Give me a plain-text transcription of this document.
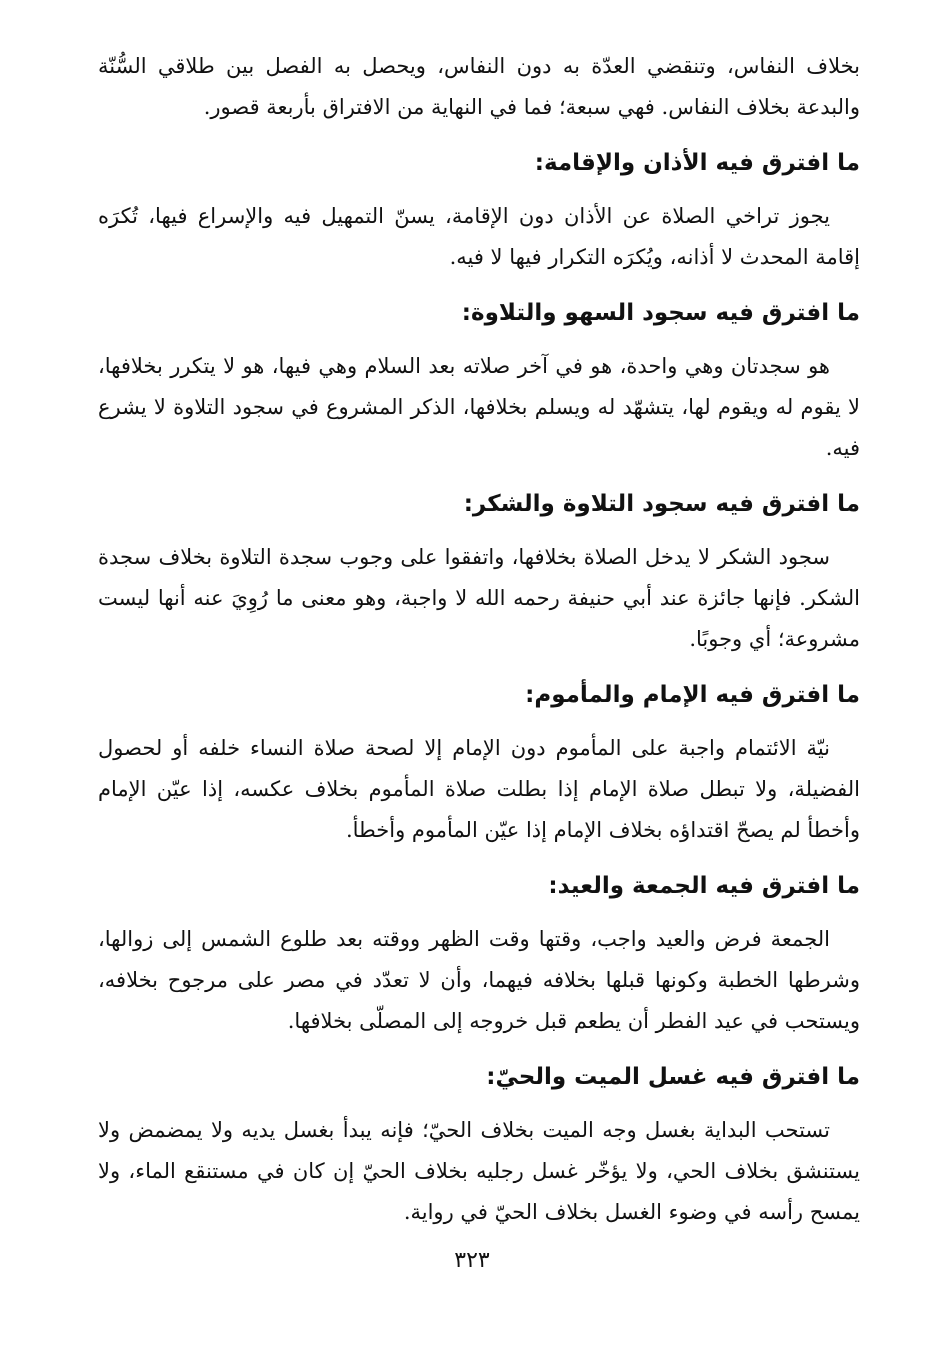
بخلاف النفاس، وتنقضي العدّة به دون النفاس، ويحصل به الفصل بين طلاقي السُّنّة والبدعة بخلاف النفاس. فهي سبعة؛ فما في النهاية من الافتراق بأربعة قصور.

ما افترق فيه الأذان والإقامة:

يجوز تراخي الصلاة عن الأذان دون الإقامة، يسنّ التمهيل فيه والإسراع فيها، تُكرَه إقامة المحدث لا أذانه، ويُكرَه التكرار فيها لا فيه.

ما افترق فيه سجود السهو والتلاوة:

هو سجدتان وهي واحدة، هو في آخر صلاته بعد السلام وهي فيها، هو لا يتكرر بخلافها، لا يقوم له ويقوم لها، يتشهّد له ويسلم بخلافها، الذكر المشروع في سجود التلاوة لا يشرع فيه.

ما افترق فيه سجود التلاوة والشكر:

سجود الشكر لا يدخل الصلاة بخلافها، واتفقوا على وجوب سجدة التلاوة بخلاف سجدة الشكر. فإنها جائزة عند أبي حنيفة رحمه الله لا واجبة، وهو معنى ما رُوِيَ عنه أنها ليست مشروعة؛ أي وجوبًا.

ما افترق فيه الإمام والمأموم:

نيّة الائتمام واجبة على المأموم دون الإمام إلا لصحة صلاة النساء خلفه أو لحصول الفضيلة، ولا تبطل صلاة الإمام إذا بطلت صلاة المأموم بخلاف عكسه، إذا عيّن الإمام وأخطأ لم يصحّ اقتداؤه بخلاف الإمام إذا عيّن المأموم وأخطأ.

ما افترق فيه الجمعة والعيد:

الجمعة فرض والعيد واجب، وقتها وقت الظهر ووقته بعد طلوع الشمس إلى زوالها، وشرطها الخطبة وكونها قبلها بخلافه فيهما، وأن لا تعدّد في مصر على مرجوح بخلافه، ويستحب في عيد الفطر أن يطعم قبل خروجه إلى المصلّى بخلافها.

ما افترق فيه غسل الميت والحيّ:

تستحب البداية بغسل وجه الميت بخلاف الحيّ؛ فإنه يبدأ بغسل يديه ولا يمضمض ولا يستنشق بخلاف الحي، ولا يؤخّر غسل رجليه بخلاف الحيّ إن كان في مستنقع الماء، ولا يمسح رأسه في وضوء الغسل بخلاف الحيّ في رواية.

٣٢٣
